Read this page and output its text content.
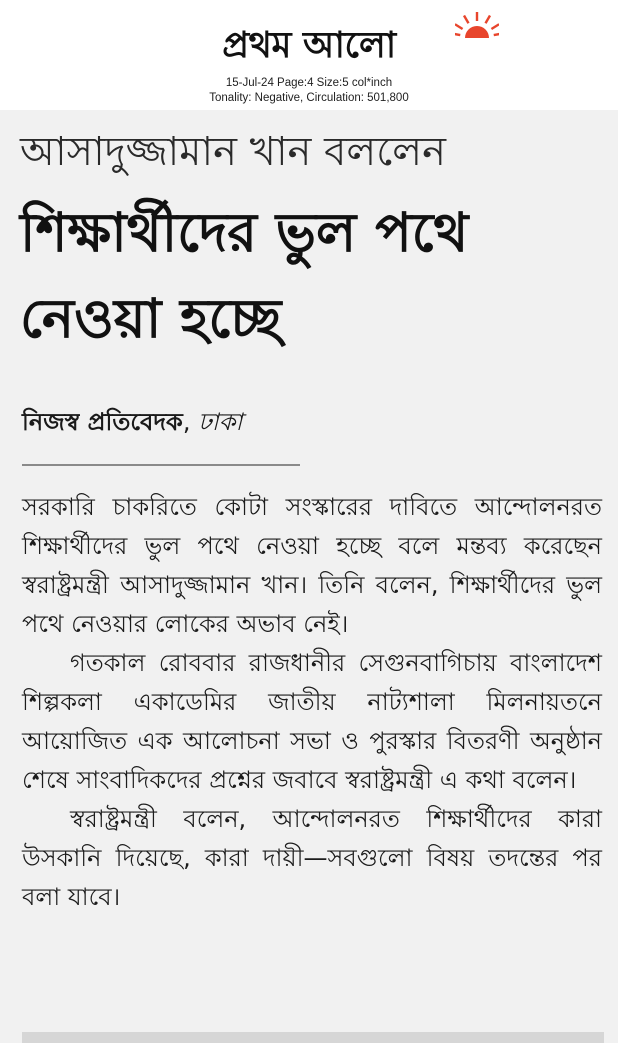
প্রথম আলো
15-Jul-24 Page:4 Size:5 col*inch
Tonality: Negative, Circulation: 501,800
আসাদুজ্জামান খান বললেন
শিক্ষার্থীদের ভুল পথে নেওয়া হচ্ছে
নিজস্ব প্রতিবেদক, ঢাকা

সরকারি চাকরিতে কোটা সংস্কারের দাবিতে আন্দোলনরত শিক্ষার্থীদের ভুল পথে নেওয়া হচ্ছে বলে মন্তব্য করেছেন স্বরাষ্ট্রমন্ত্রী আসাদুজ্জামান খান। তিনি বলেন, শিক্ষার্থীদের ভুল পথে নেওয়ার লোকের অভাব নেই।

গতকাল রোববার রাজধানীর সেগুনবাগিচায় বাংলাদেশ শিল্পকলা একাডেমির জাতীয় নাট্যশালা মিলনায়তনে আয়োজিত এক আলোচনা সভা ও পুরস্কার বিতরণী অনুষ্ঠান শেষে সাংবাদিকদের প্রশ্নের জবাবে স্বরাষ্ট্রমন্ত্রী এ কথা বলেন।

স্বরাষ্ট্রমন্ত্রী বলেন, আন্দোলনরত শিক্ষার্থীদের কারা উসকানি দিয়েছে, কারা দায়ী—সবগুলো বিষয় তদন্তের পর বলা যাবে।
